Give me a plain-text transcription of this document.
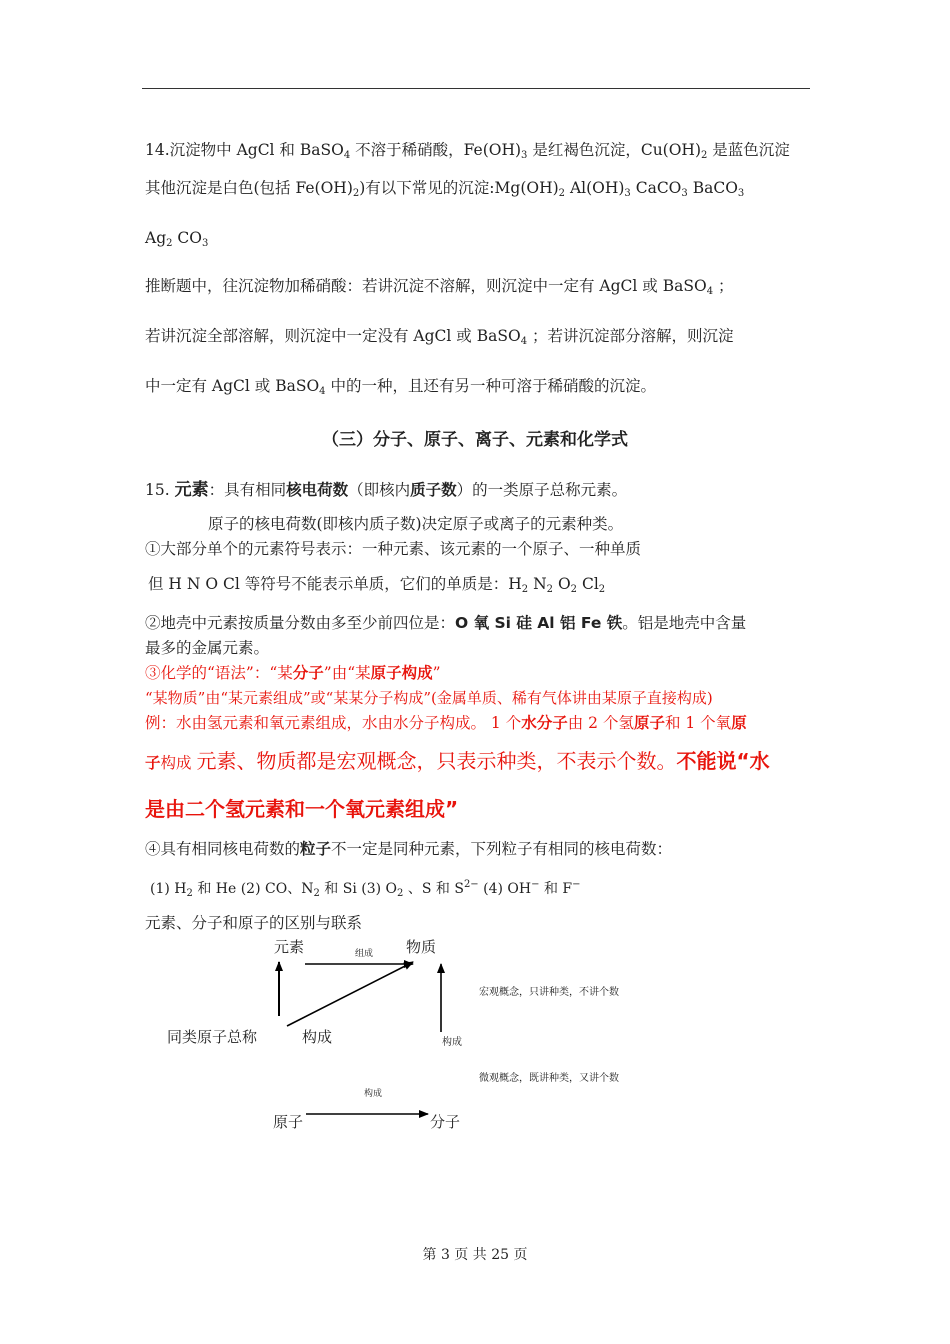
14.沉淀物中 AgCl 和 BaSO$_4$ 不溶于稀硝酸，$Fe(OH)_3$ 是红褐色沉淀，$Cu(OH)_2$ 是蓝色沉淀
其他沉淀是白色(包括 $Fe(OH)_2$)有以下常见的沉淀$:Mg(OH)_2$ $Al(OH)_3$ CaCO$_3$ BaCO$_3$
$Ag_2$ $CO_3$
推断题中，往沉淀物加稀硝酸：若讲沉淀不溶解，则沉淀中一定有 AgCl 或 BaSO$_4$ ；
若讲沉淀全部溶解，则沉淀中一定没有 AgCl 或 BaSO$_4$ ；若讲沉淀部分溶解，则沉淀
中一定有 AgCl 或 BaSO$_4$ 中的一种，且还有另一种可溶于稀硝酸的沉淀。
（三）分子、原子、离子、元素和化学式
15. 元素：具有相同核电荷数（即核内质子数）的一类原子总称元素。
原子的核电荷数(即核内质子数)决定原子或离子的元素种类。
①大部分单个的元素符号表示：一种元素、该元素的一个原子、一种单质
但 H N O Cl 等符号不能表示单质，它们的单质是：$H_2$ $N_2$ $O_2$ $Cl_2$
②地壳中元素按质量分数由多至少前四位是：O 氧 Si 硅 Al 铝 Fe 铁。铝是地壳中含量
最多的金属元素。
③化学的“语法”：“某分子”由“某原子构成”
“某物质”由“某元素组成”或“某某分子构成”(金属单质、稀有气体讲由某原子直接构成)
例：水由氢元素和氧元素组成，水由水分子构成。 1 个水分子由 2 个氢原子和 1 个氧原
子构成 元素、物质都是宏观概念，只表示种类，不表示个数。不能说“水
是由二个氢元素和一个氧元素组成”
④具有相同核电荷数的粒子不一定是同种元素，下列粒子有相同的核电荷数：
(1) $H_2$ 和 He (2) CO、$N_2$ 和 Si (3) $O_2$ 、S 和 $S^{2-}$ (4) OH− 和 F−
元素、分子和原子的区别与联系
元素	组成 物质
宏观概念，只讲种类，不讲个数
同类原子总称	构成	构成
微观概念，既讲种类，又讲个数
构成
原子	分子
第 3 页 共 25 页
